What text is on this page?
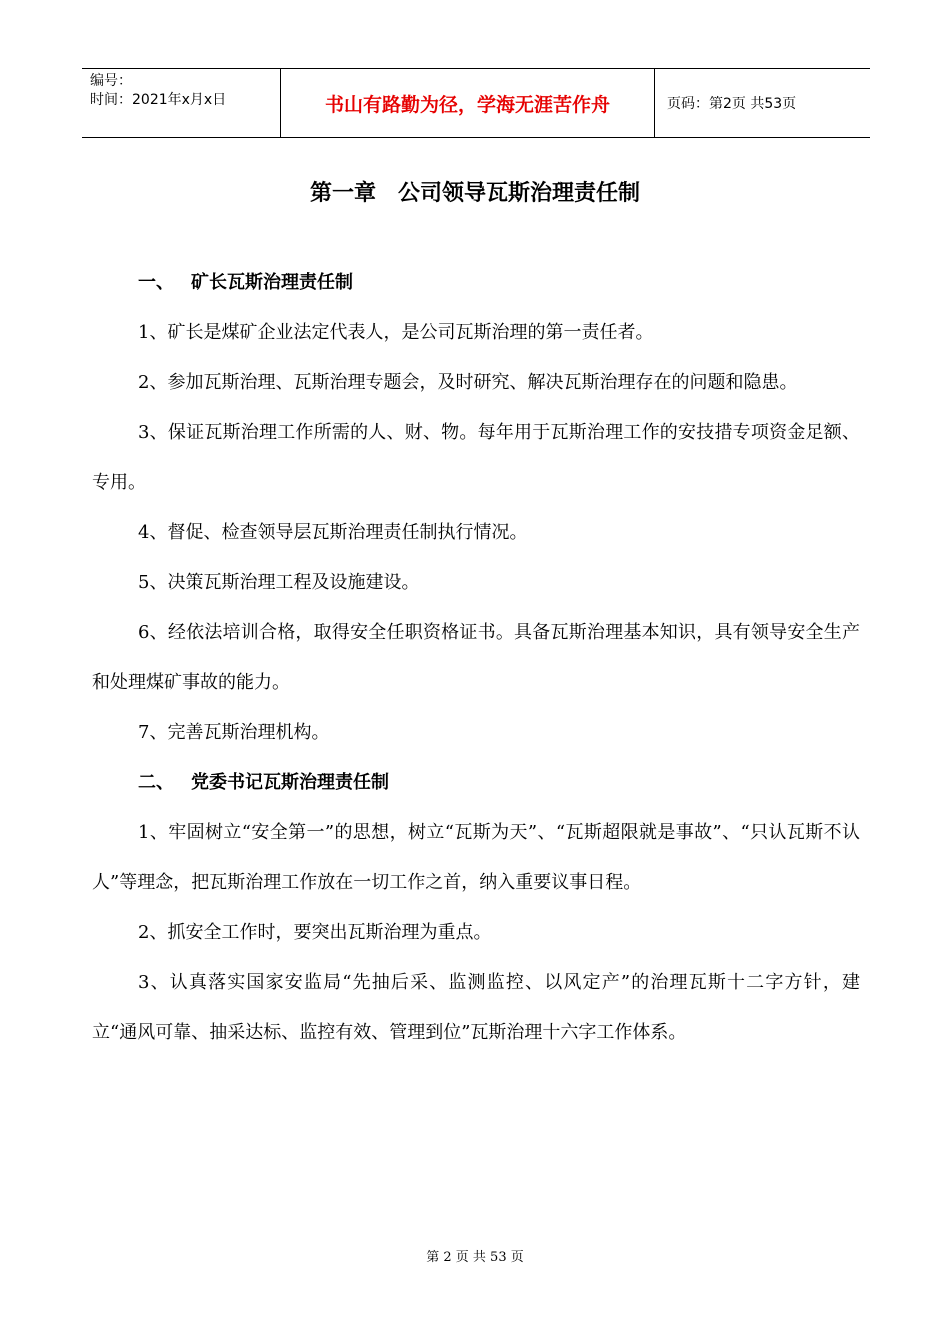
编号：
时间：2021年x月x日	书山有路勤为径，学海无涯苦作舟	页码：第2页 共53页
第一章　公司领导瓦斯治理责任制

一、 矿长瓦斯治理责任制

1、矿长是煤矿企业法定代表人，是公司瓦斯治理的第一责任者。

2、参加瓦斯治理、瓦斯治理专题会，及时研究、解决瓦斯治理存在的问题和隐患。

3、保证瓦斯治理工作所需的人、财、物。每年用于瓦斯治理工作的安技措专项资金足额、专用。

4、督促、检查领导层瓦斯治理责任制执行情况。

5、决策瓦斯治理工程及设施建设。

6、经依法培训合格，取得安全任职资格证书。具备瓦斯治理基本知识，具有领导安全生产和处理煤矿事故的能力。

7、完善瓦斯治理机构。

二、 党委书记瓦斯治理责任制

1、牢固树立“安全第一”的思想，树立“瓦斯为天”、“瓦斯超限就是事故”、“只认瓦斯不认人”等理念，把瓦斯治理工作放在一切工作之首，纳入重要议事日程。

2、抓安全工作时，要突出瓦斯治理为重点。

3、认真落实国家安监局“先抽后采、监测监控、以风定产”的治理瓦斯十二字方针，建立“通风可靠、抽采达标、监控有效、管理到位”瓦斯治理十六字工作体系。

第 2 页 共 53 页
